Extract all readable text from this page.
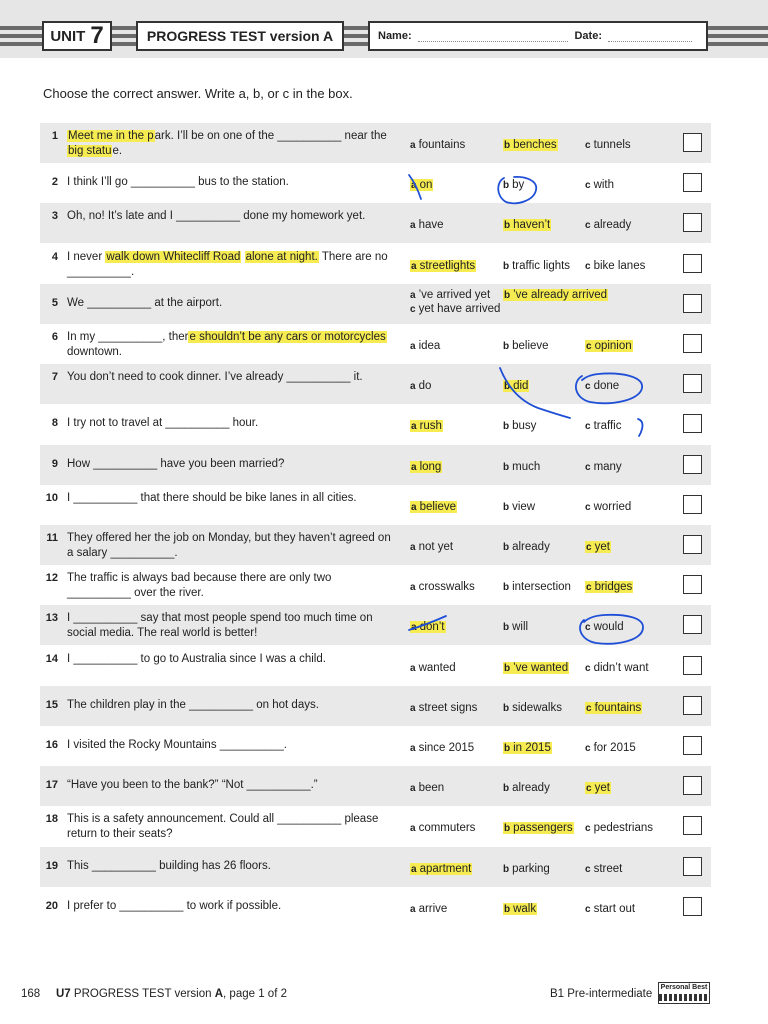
UNIT 7	PROGRESS TEST version A	Name:	Date:
Choose the correct answer. Write a, b, or c in the box.
1 Meet me in the park. I’ll be on one of the __________ near the big statue.	a fountains	b benches	c tunnels
2 I think I’ll go __________ bus to the station.	a on	b by	c with
3 Oh, no! It’s late and I __________ done my homework yet.
a have	b haven’t	c already
4 I never walk down Whitecliff Road alone at night. There are no __________.	a streetlights	b traffic lights c bike lanes
5 We __________ at the airport.
a ’ve arrived yet b ’ve already arrived
c yet have arrived
6 In my __________, there shouldn’t be any cars or motorcycles downtown.	a idea	b believe	c opinion
7 You don’t need to cook dinner. I’ve already __________ it.
a do	b did	c done
8 I try not to travel at __________ hour.	a rush	b busy	c traffic
9 How __________ have you been married?	a long	b much	c many
10 I __________ that there should be bike lanes in all cities.
a believe	b view	c worried
11 They offered her the job on Monday, but they haven’t agreed on a salary __________.	a not yet	b already	c yet
12 The traffic is always bad because there are only two __________ over the river.	a crosswalks	b intersection c bridges
13 I __________ say that most people spend too much time on social media. The real world is better!	a don’t	b will	c would
14 I __________ to go to Australia since I was a child.
a wanted	b ’ve wanted c didn’t want
15 The children play in the __________ on hot days.	a street signs	b sidewalks c fountains
16 I visited the Rocky Mountains __________.	a since 2015	b in 2015	c for 2015
17 “Have you been to the bank?” “Not __________.”	a been	b already	c yet
18 This is a safety announcement. Could all __________ please return to their seats?	a commuters	b passengers c pedestrians
19 This __________ building has 26 floors.	a apartment	b parking	c street
20 I prefer to __________ to work if possible.	a arrive	b walk	c start out
168 U7 PROGRESS TEST version A, page 1 of 2	B1 Pre-intermediate
Personal Best
